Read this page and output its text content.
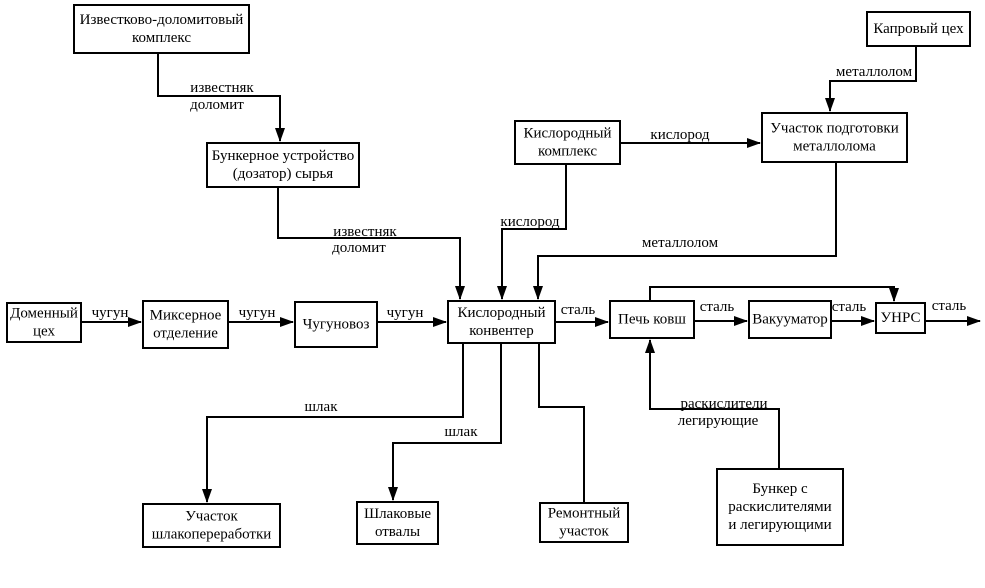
Известково-доломитовый
комплекс
Капровый цех
Бункерное устройство
(дозатор) сырья
Кислородный
комплекс
Участок подготовки
металлолома
Доменный
цех
Миксерное
отделение
Чугуновоз
Кислородный
конвентер
Печь ковш	Вакууматор	УНРС
Участок
шлакопереработки
Шлаковые
отвалы
Ремонтный
участок
Бункер с
раскислителями
и легирующими
известняк
доломит
известняк
доломит
металлолом
кислород
кислород
металлолом
чугун	чугун	чугун	сталь	сталь	сталь	сталь
шлак
шлак
раскислители
легирующие
